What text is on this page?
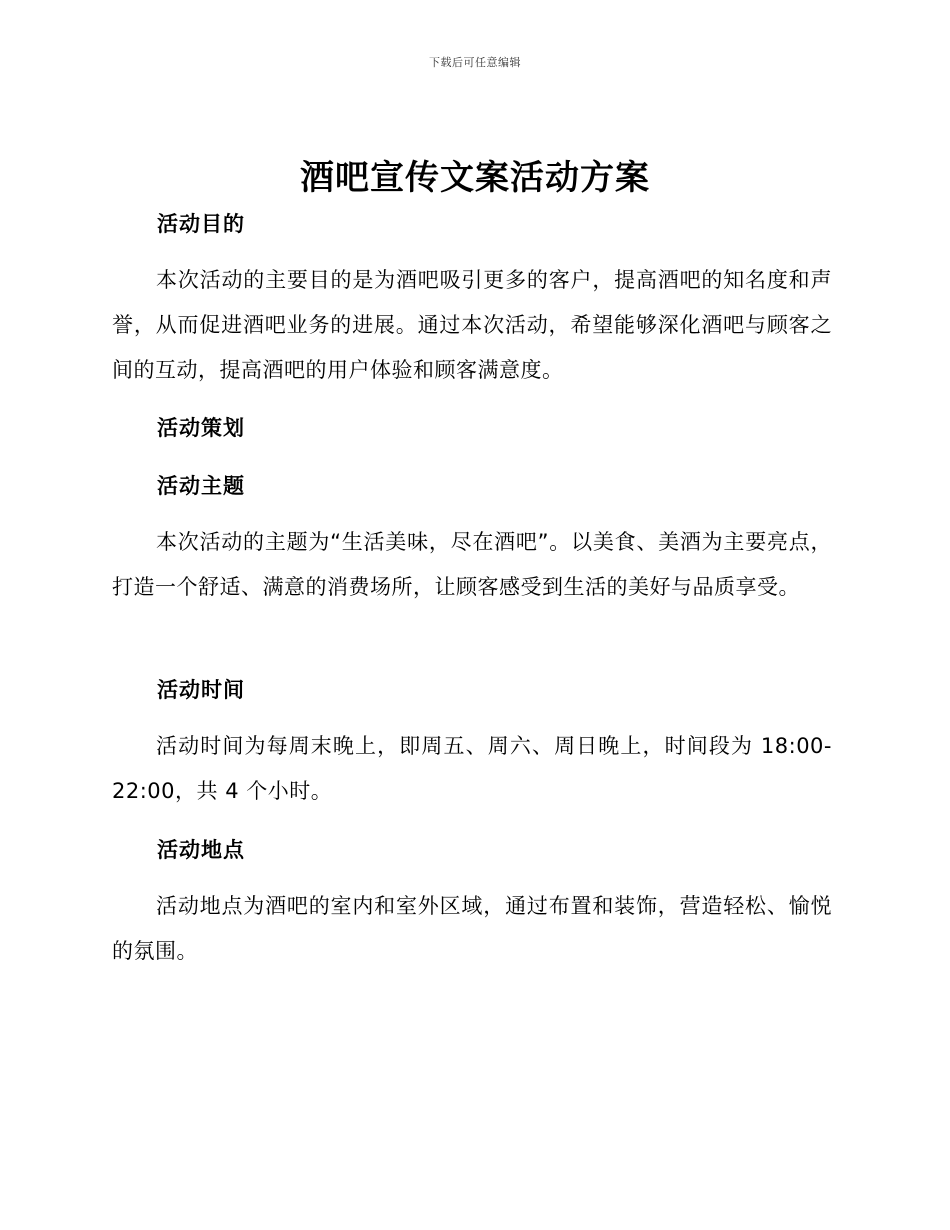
下载后可任意编辑
酒吧宣传文案活动方案
活动目的
本次活动的主要目的是为酒吧吸引更多的客户，提高酒吧的知名度和声誉，从而促进酒吧业务的进展。通过本次活动，希望能够深化酒吧与顾客之间的互动，提高酒吧的用户体验和顾客满意度。
活动策划
活动主题
本次活动的主题为“生活美味，尽在酒吧”。以美食、美酒为主要亮点，打造一个舒适、满意的消费场所，让顾客感受到生活的美好与品质享受。
活动时间
活动时间为每周末晚上，即周五、周六、周日晚上，时间段为 18:00-22:00，共 4 个小时。
活动地点
活动地点为酒吧的室内和室外区域，通过布置和装饰，营造轻松、愉悦的氛围。
